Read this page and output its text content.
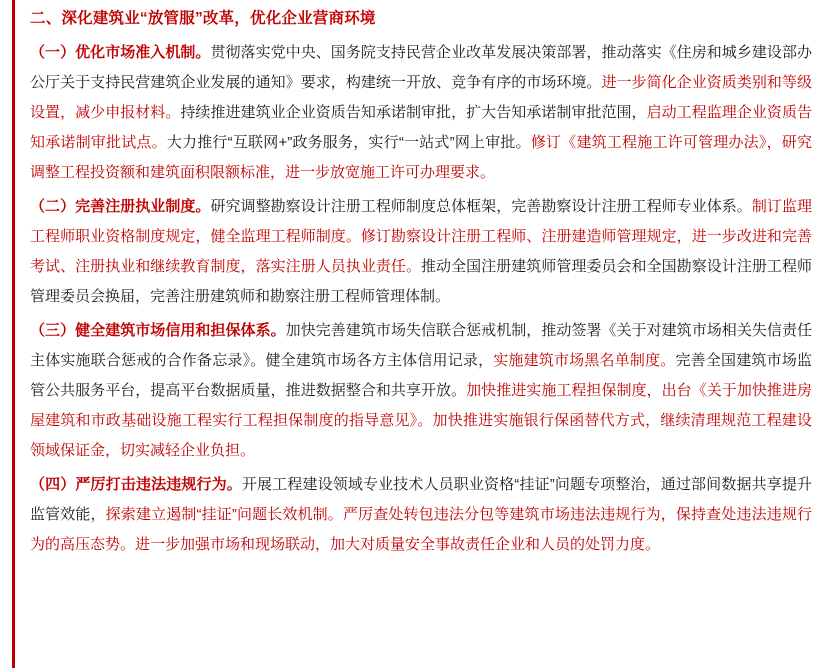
二、深化建筑业“放管服”改革，优化企业营商环境

（一）优化市场准入机制。贯彻落实党中央、国务院支持民营企业改革发展决策部署，推动落实《住房和城乡建设部办公厅关于支持民营建筑企业发展的通知》要求，构建统一开放、竞争有序的市场环境。进一步简化企业资质类别和等级设置，减少申报材料。持续推进建筑业企业资质告知承诺制审批，扩大告知承诺制审批范围，启动工程监理企业资质告知承诺制审批试点。大力推行“互联网+”政务服务，实行“一站式”网上审批。修订《建筑工程施工许可管理办法》，研究调整工程投资额和建筑面积限额标准，进一步放宽施工许可办理要求。

（二）完善注册执业制度。研究调整勘察设计注册工程师制度总体框架，完善勘察设计注册工程师专业体系。制订监理工程师职业资格制度规定，健全监理工程师制度。修订勘察设计注册工程师、注册建造师管理规定，进一步改进和完善考试、注册执业和继续教育制度，落实注册人员执业责任。推动全国注册建筑师管理委员会和全国勘察设计注册工程师管理委员会换届，完善注册建筑师和勘察注册工程师管理体制。

（三）健全建筑市场信用和担保体系。加快完善建筑市场失信联合惩戒机制，推动签署《关于对建筑市场相关失信责任主体实施联合惩戒的合作备忘录》。健全建筑市场各方主体信用记录，实施建筑市场黑名单制度。完善全国建筑市场监管公共服务平台，提高平台数据质量，推进数据整合和共享开放。加快推进实施工程担保制度，出台《关于加快推进房屋建筑和市政基础设施工程实行工程担保制度的指导意见》。加快推进实施银行保函替代方式，继续清理规范工程建设领域保证金，切实减轻企业负担。

（四）严厉打击违法违规行为。开展工程建设领域专业技术人员职业资格“挂证”问题专项整治，通过部间数据共享提升监管效能，探索建立遏制“挂证”问题长效机制。严厉查处转包违法分包等建筑市场违法违规行为，保持查处违法违规行为的高压态势。进一步加强市场和现场联动，加大对质量安全事故责任企业和人员的处罚力度。
